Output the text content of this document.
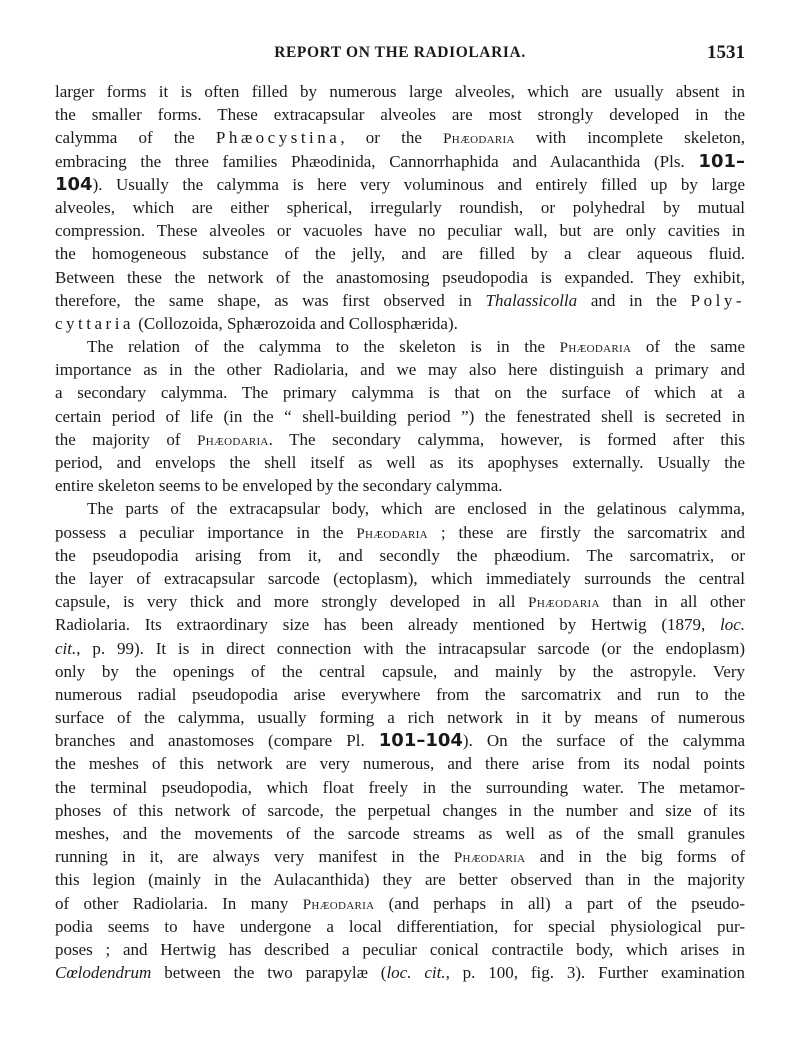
REPORT ON THE RADIOLARIA.	1531
larger forms it is often filled by numerous large alveoles, which are usually absent in
the smaller forms. These extracapsular alveoles are most strongly developed in the
calymma of the Phæocystina, or the Phæodaria with incomplete skeleton,
embracing the three families Phæodinida, Cannorrhaphida and Aulacanthida (Pls. 101–
104). Usually the calymma is here very voluminous and entirely filled up by large
alveoles, which are either spherical, irregularly roundish, or polyhedral by mutual
compression. These alveoles or vacuoles have no peculiar wall, but are only cavities in
the homogeneous substance of the jelly, and are filled by a clear aqueous fluid.
Between these the network of the anastomosing pseudopodia is expanded. They exhibit,
therefore, the same shape, as was first observed in Thalassicolla and in the Poly-
cyttaria (Collozoida, Sphærozoida and Collosphærida).
The relation of the calymma to the skeleton is in the Phæodaria of the same
importance as in the other Radiolaria, and we may also here distinguish a primary and
a secondary calymma. The primary calymma is that on the surface of which at a
certain period of life (in the “ shell-building period ”) the fenestrated shell is secreted in
the majority of Phæodaria. The secondary calymma, however, is formed after this
period, and envelops the shell itself as well as its apophyses externally. Usually the
entire skeleton seems to be enveloped by the secondary calymma.
The parts of the extracapsular body, which are enclosed in the gelatinous calymma,
possess a peculiar importance in the Phæodaria ; these are firstly the sarcomatrix and
the pseudopodia arising from it, and secondly the phæodium. The sarcomatrix, or
the layer of extracapsular sarcode (ectoplasm), which immediately surrounds the central
capsule, is very thick and more strongly developed in all Phæodaria than in all other
Radiolaria. Its extraordinary size has been already mentioned by Hertwig (1879, loc.
cit., p. 99). It is in direct connection with the intracapsular sarcode (or the endoplasm)
only by the openings of the central capsule, and mainly by the astropyle. Very
numerous radial pseudopodia arise everywhere from the sarcomatrix and run to the
surface of the calymma, usually forming a rich network in it by means of numerous
branches and anastomoses (compare Pl. 101–104). On the surface of the calymma
the meshes of this network are very numerous, and there arise from its nodal points
the terminal pseudopodia, which float freely in the surrounding water. The metamor-
phoses of this network of sarcode, the perpetual changes in the number and size of its
meshes, and the movements of the sarcode streams as well as of the small granules
running in it, are always very manifest in the Phæodaria and in the big forms of
this legion (mainly in the Aulacanthida) they are better observed than in the majority
of other Radiolaria. In many Phæodaria (and perhaps in all) a part of the pseudo-
podia seems to have undergone a local differentiation, for special physiological pur-
poses ; and Hertwig has described a peculiar conical contractile body, which arises in
Cœlodendrum between the two parapylæ (loc. cit., p. 100, fig. 3). Further examination
